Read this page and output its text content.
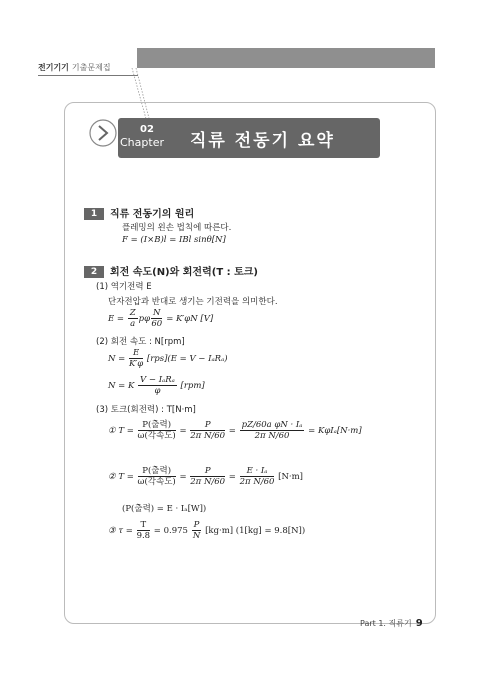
전기기기 기출문제집
02
Chapter 직류 전동기 요약
1 직류 전동기의 원리
플레밍의 왼손 법칙에 따른다.
F = (I×B)l = IBl sinθ[N]
2 회전 속도(N)와 회전력(T : 토크)
(1) 역기전력 E
단자전압과 반대로 생기는 기전력을 의미한다.
$E = \frac{Z}{a}$ pφ $\frac{N}{60} = K'\varphi N$ [V]
(2) 회전 속도 : N[rpm]
$N = \frac{E}{K'\varphi} [rps](E = V - I_aR_a)$
N = K $\frac{\text{V − IₐRₐ}}{\varphi} [rpm]$
(3) 토크(회전력) : T[N·m]
① $T = \frac{\text{P(출력)}}{\text{ω(각속도)}} = \frac{P}{\text{2π N/60}} = \frac{\text{pZ/60a φN · Iₐ}}{\text{2π N/60}} = K\varphi I_a[N\cdot m]$
② $T = \frac{\text{P(출력)}}{\text{ω(각속도)}} = \frac{P}{\text{2π N/60}} = \frac{\text{E · Iₐ}}{\text{2π N/60}} [N\cdot m]$
(P(출력) = E · Iₐ[W])
③ $\tau = \frac{T}{9.8} = 0.975 \frac{P}{N} [kg\cdot m] (1[kg] = 9.8[N])$
Part 1. 직류기 9
